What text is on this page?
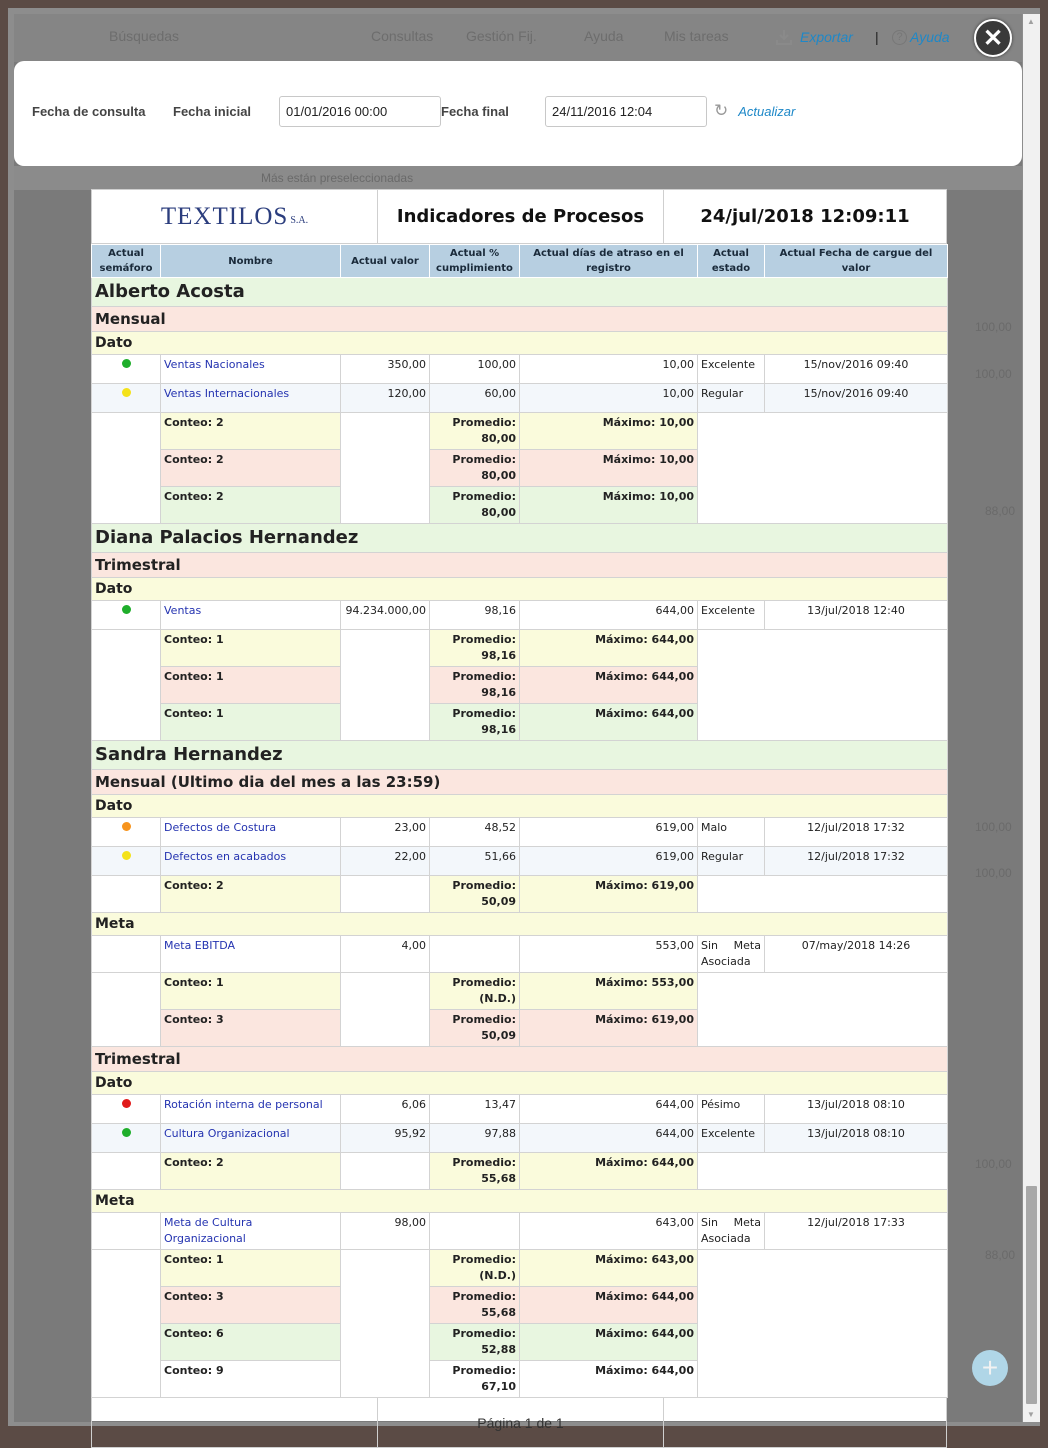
Búsquedas	Consultas Gestión Fij.	Ayuda	Mis tareas
Más están preseleccionadas
100,00
100,00
88,00
100,00
100,00
100,00
88,00
Exportar |	? Ayuda ✕
Fecha de consulta Fecha inicial
01/01/2016 00:00	Fecha final
24/11/2016 12:04	↻ Actualizar
TEXTILOS S.A.	Indicadores de Procesos	24/jul/2018 12:09:11
Actual semáforo	Nombre	Actual valor	Actual % cumplimiento	Actual días de atraso en el registro	Actual estado	Actual Fecha de cargue del valor
Alberto Acosta						
Mensual						
Dato						
	Ventas Nacionales	350,00	100,00	10,00	Excelente	15/nov/2016 09:40
	Ventas Internacionales	120,00	60,00	10,00	Regular	15/nov/2016 09:40
	Conteo: 2		Promedio:
80,00	Máximo: 10,00		
	Conteo: 2		Promedio:
80,00	Máximo: 10,00		
	Conteo: 2		Promedio:
80,00	Máximo: 10,00		
Diana Palacios Hernandez						
Trimestral						
Dato						
	Ventas	94.234.000,00	98,16	644,00	Excelente	13/jul/2018 12:40
	Conteo: 1		Promedio:
98,16	Máximo: 644,00		
	Conteo: 1		Promedio:
98,16	Máximo: 644,00		
	Conteo: 1		Promedio:
98,16	Máximo: 644,00		
Sandra Hernandez						
Mensual (Ultimo dia del mes a las 23:59)						
Dato						
	Defectos de Costura	23,00	48,52	619,00	Malo	12/jul/2018 17:32
	Defectos en acabados	22,00	51,66	619,00	Regular	12/jul/2018 17:32
	Conteo: 2		Promedio:
50,09	Máximo: 619,00		
Meta						
	Meta EBITDA	4,00		553,00	Sin Meta Asociada	07/may/2018 14:26
	Conteo: 1		Promedio:
(N.D.)	Máximo: 553,00		
	Conteo: 3		Promedio:
50,09	Máximo: 619,00		
Trimestral						
Dato						
	Rotación interna de personal	6,06	13,47	644,00	Pésimo	13/jul/2018 08:10
	Cultura Organizacional	95,92	97,88	644,00	Excelente	13/jul/2018 08:10
	Conteo: 2		Promedio:
55,68	Máximo: 644,00		
Meta						
	Meta de Cultura Organizacional	98,00		643,00	Sin Meta Asociada	12/jul/2018 17:33
	Conteo: 1		Promedio:
(N.D.)	Máximo: 643,00		
	Conteo: 3		Promedio:
55,68	Máximo: 644,00		
	Conteo: 6		Promedio:
52,88	Máximo: 644,00		
	Conteo: 9		Promedio:
67,10	Máximo: 644,00		
Página 1 de 1
▲
▼
+
